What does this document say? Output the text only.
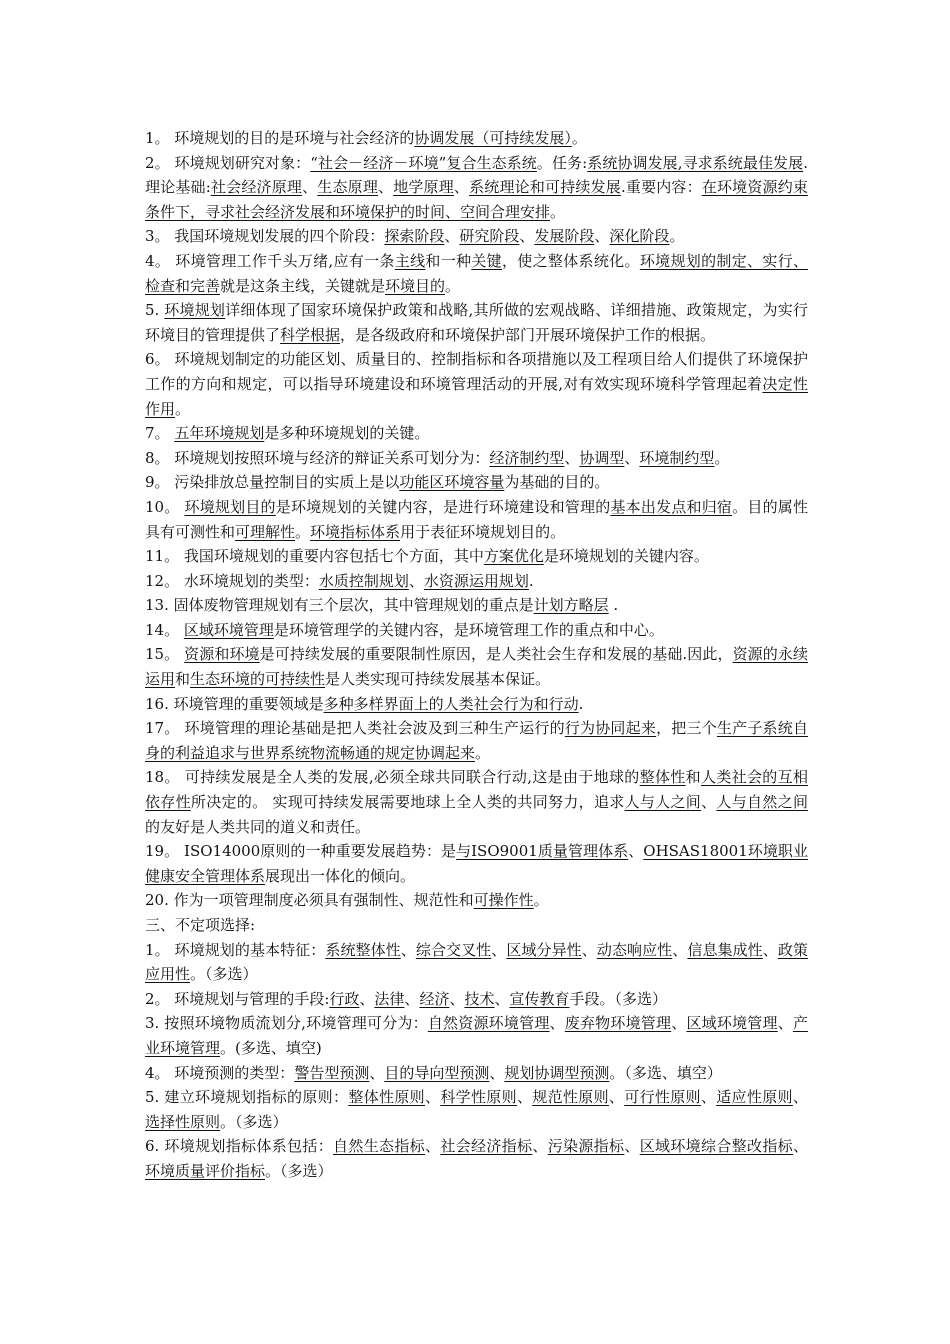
1。 环境规划的目的是环境与社会经济的协调发展（可持续发展）。

2。 环境规划研究对象：“社会－经济－环境”复合生态系统。任务:系统协调发展,寻求系统最佳发展.理论基础:社会经济原理、生态原理、地学原理、系统理论和可持续发展.重要内容：在环境资源约束条件下，寻求社会经济发展和环境保护的时间、空间合理安排。

3。 我国环境规划发展的四个阶段：探索阶段、研究阶段、发展阶段、深化阶段。

4。 环境管理工作千头万绪,应有一条主线和一种关键，使之整体系统化。环境规划的制定、实行、检查和完善就是这条主线，关键就是环境目的。

5. 环境规划详细体现了国家环境保护政策和战略,其所做的宏观战略、详细措施、政策规定，为实行环境目的管理提供了科学根据，是各级政府和环境保护部门开展环境保护工作的根据。

6。 环境规划制定的功能区划、质量目的、控制指标和各项措施以及工程项目给人们提供了环境保护工作的方向和规定，可以指导环境建设和环境管理活动的开展,对有效实现环境科学管理起着决定性作用。

7。 五年环境规划是多种环境规划的关键。

8。 环境规划按照环境与经济的辩证关系可划分为：经济制约型、协调型、环境制约型。

9。 污染排放总量控制目的实质上是以功能区环境容量为基础的目的。

10。 环境规划目的是环境规划的关键内容，是进行环境建设和管理的基本出发点和归宿。目的属性具有可测性和可理解性。环境指标体系用于表征环境规划目的。

11。 我国环境规划的重要内容包括七个方面，其中方案优化是环境规划的关键内容。

12。 水环境规划的类型：水质控制规划、水资源运用规划.

13. 固体废物管理规划有三个层次，其中管理规划的重点是计划方略层 .

14。 区域环境管理是环境管理学的关键内容，是环境管理工作的重点和中心。

15。 资源和环境是可持续发展的重要限制性原因，是人类社会生存和发展的基础.因此，资源的永续运用和生态环境的可持续性是人类实现可持续发展基本保证。

16. 环境管理的重要领域是多种多样界面上的人类社会行为和行动.

17。 环境管理的理论基础是把人类社会波及到三种生产运行的行为协同起来，把三个生产子系统自身的利益追求与世界系统物流畅通的规定协调起来。

18。 可持续发展是全人类的发展,必须全球共同联合行动,这是由于地球的整体性和人类社会的互相依存性所决定的。 实现可持续发展需要地球上全人类的共同努力，追求人与人之间、人与自然之间的友好是人类共同的道义和责任。

19。 ISO14000原则的一种重要发展趋势：是与ISO9001质量管理体系、OHSAS18001环境职业健康安全管理体系展现出一体化的倾向。

20. 作为一项管理制度必须具有强制性、规范性和可操作性。

三、不定项选择:

1。 环境规划的基本特征：系统整体性、综合交叉性、区域分异性、动态响应性、信息集成性、政策应用性。（多选）

2。 环境规划与管理的手段:行政、法律、经济、技术、宣传教育手段。（多选）

3. 按照环境物质流划分,环境管理可分为：自然资源环境管理、废弃物环境管理、区域环境管理、产业环境管理。(多选、填空)

4。 环境预测的类型：警告型预测、目的导向型预测、规划协调型预测。（多选、填空）

5. 建立环境规划指标的原则：整体性原则、科学性原则、规范性原则、可行性原则、适应性原则、选择性原则。（多选）

6. 环境规划指标体系包括：自然生态指标、社会经济指标、污染源指标、区域环境综合整改指标、环境质量评价指标。（多选）
